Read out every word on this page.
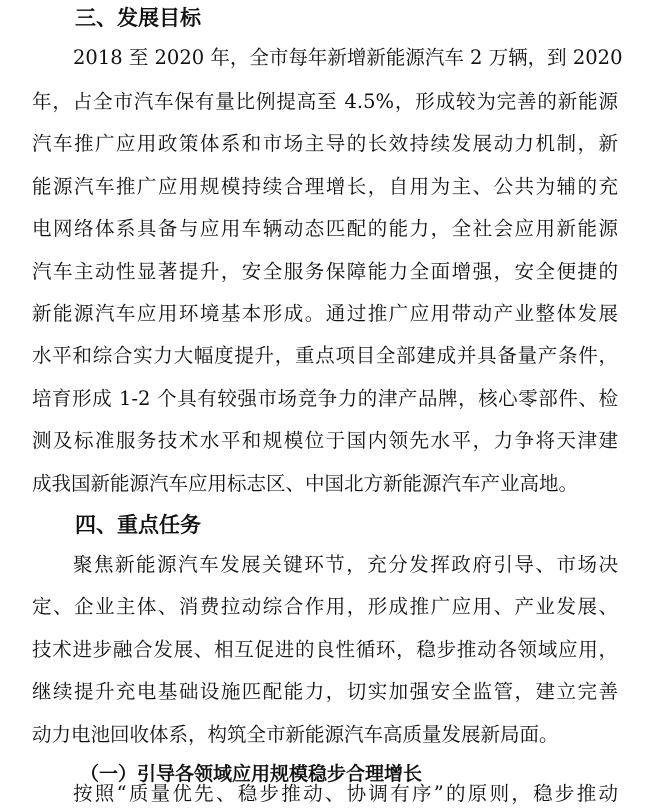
三、发展目标

2018 至 2020 年，全市每年新增新能源汽车 2 万辆，到 2020

年，占全市汽车保有量比例提高至 4.5%，形成较为完善的新能源

汽车推广应用政策体系和市场主导的长效持续发展动力机制，新

能源汽车推广应用规模持续合理增长，自用为主、公共为辅的充

电网络体系具备与应用车辆动态匹配的能力，全社会应用新能源

汽车主动性显著提升，安全服务保障能力全面增强，安全便捷的

新能源汽车应用环境基本形成。通过推广应用带动产业整体发展

水平和综合实力大幅度提升，重点项目全部建成并具备量产条件，

培育形成 1-2 个具有较强市场竞争力的津产品牌，核心零部件、检

测及标准服务技术水平和规模位于国内领先水平，力争将天津建

成我国新能源汽车应用标志区、中国北方新能源汽车产业高地。

四、重点任务

聚焦新能源汽车发展关键环节，充分发挥政府引导、市场决

定、企业主体、消费拉动综合作用，形成推广应用、产业发展、

技术进步融合发展、相互促进的良性循环，稳步推动各领域应用，

继续提升充电基础设施匹配能力，切实加强安全监管，建立完善

动力电池回收体系，构筑全市新能源汽车高质量发展新局面。

（一）引导各领域应用规模稳步合理增长

按照“质量优先、稳步推动、协调有序”的原则，稳步推动
